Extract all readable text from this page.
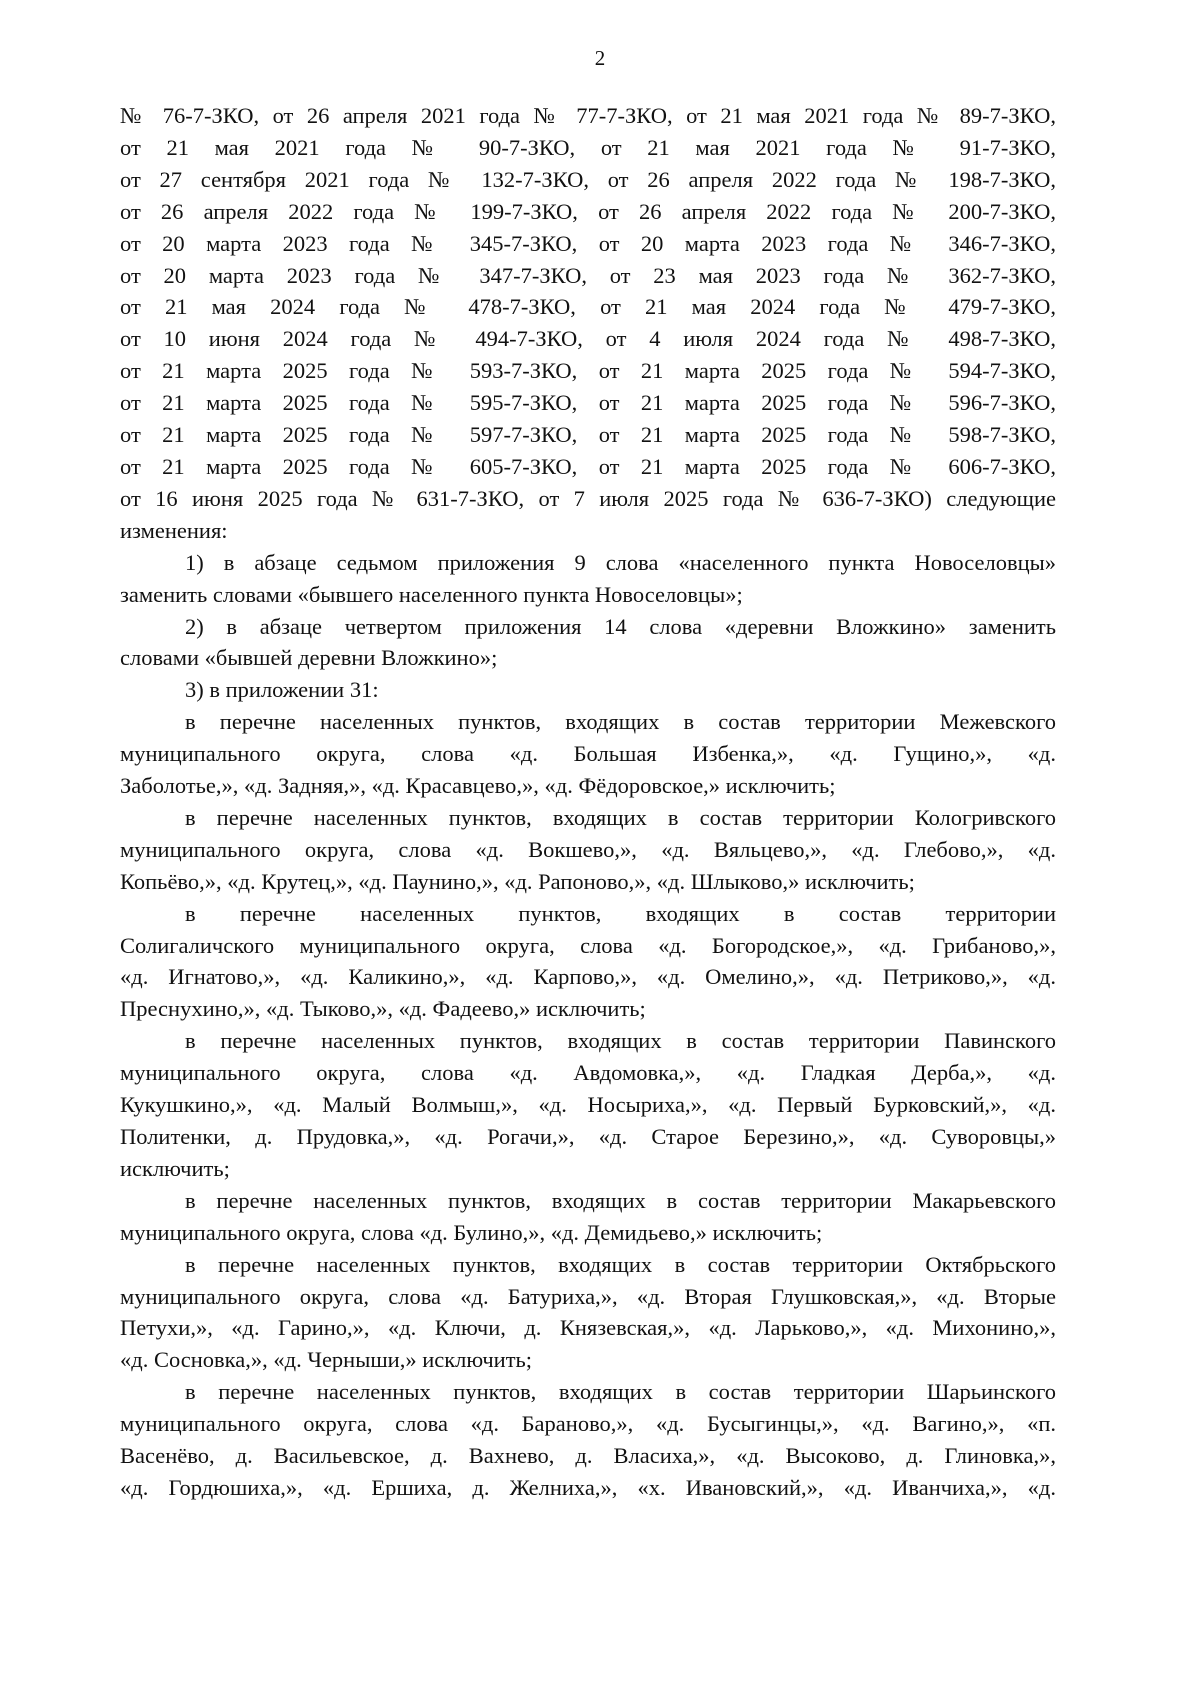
2

№ 76-7-ЗКО, от 26 апреля 2021 года № 77-7-ЗКО, от 21 мая 2021 года № 89-7-ЗКО,
от 21 мая 2021 года № 90-7-ЗКО, от 21 мая 2021 года № 91-7-ЗКО,
от 27 сентября 2021 года № 132-7-ЗКО, от 26 апреля 2022 года № 198-7-ЗКО,
от 26 апреля 2022 года № 199-7-ЗКО, от 26 апреля 2022 года № 200-7-ЗКО,
от 20 марта 2023 года № 345-7-ЗКО, от 20 марта 2023 года № 346-7-ЗКО,
от 20 марта 2023 года № 347-7-ЗКО, от 23 мая 2023 года № 362-7-ЗКО,
от 21 мая 2024 года № 478-7-ЗКО, от 21 мая 2024 года № 479-7-ЗКО,
от 10 июня 2024 года № 494-7-ЗКО, от 4 июля 2024 года № 498-7-ЗКО,
от 21 марта 2025 года № 593-7-ЗКО, от 21 марта 2025 года № 594-7-ЗКО,
от 21 марта 2025 года № 595-7-ЗКО, от 21 марта 2025 года № 596-7-ЗКО,
от 21 марта 2025 года № 597-7-ЗКО, от 21 марта 2025 года № 598-7-ЗКО,
от 21 марта 2025 года № 605-7-ЗКО, от 21 марта 2025 года № 606-7-ЗКО,
от 16 июня 2025 года № 631-7-ЗКО, от 7 июля 2025 года № 636-7-ЗКО) следующие
изменения:

1) в абзаце седьмом приложения 9 слова «населенного пункта Новоселовцы»
заменить словами «бывшего населенного пункта Новоселовцы»;

2) в абзаце четвертом приложения 14 слова «деревни Вложкино» заменить
словами «бывшей деревни Вложкино»;

3) в приложении 31:

в перечне населенных пунктов, входящих в состав территории Межевского
муниципального округа, слова «д. Большая Избенка,», «д. Гущино,», «д.
Заболотье,», «д. Задняя,», «д. Красавцево,», «д. Фёдоровское,» исключить;

в перечне населенных пунктов, входящих в состав территории Кологривского
муниципального округа, слова «д. Вокшево,», «д. Вяльцево,», «д. Глебово,», «д.
Копьёво,», «д. Крутец,», «д. Паунино,», «д. Рапоново,», «д. Шлыково,» исключить;

в перечне населенных пунктов, входящих в состав территории
Солигаличского муниципального округа, слова «д. Богородское,», «д. Грибаново,»,
«д. Игнатово,», «д. Каликино,», «д. Карпово,», «д. Омелино,», «д. Петриково,», «д.
Преснухино,», «д. Тыково,», «д. Фадеево,» исключить;

в перечне населенных пунктов, входящих в состав территории Павинского
муниципального округа, слова «д. Авдомовка,», «д. Гладкая Дерба,», «д.
Кукушкино,», «д. Малый Волмыш,», «д. Носыриха,», «д. Первый Бурковский,», «д.
Политенки, д. Прудовка,», «д. Рогачи,», «д. Старое Березино,», «д. Суворовцы,»
исключить;

в перечне населенных пунктов, входящих в состав территории Макарьевского
муниципального округа, слова «д. Булино,», «д. Демидьево,» исключить;

в перечне населенных пунктов, входящих в состав территории Октябрьского
муниципального округа, слова «д. Батуриха,», «д. Вторая Глушковская,», «д. Вторые
Петухи,», «д. Гарино,», «д. Ключи, д. Князевская,», «д. Ларьково,», «д. Михонино,»,
«д. Сосновка,», «д. Черныши,» исключить;

в перечне населенных пунктов, входящих в состав территории Шарьинского
муниципального округа, слова «д. Бараново,», «д. Бусыгинцы,», «д. Вагино,», «п.
Васенёво, д. Васильевское, д. Вахнево, д. Власиха,», «д. Высоково, д. Глиновка,»,
«д. Гордюшиха,», «д. Ершиха, д. Желниха,», «х. Ивановский,», «д. Иванчиха,», «д.
